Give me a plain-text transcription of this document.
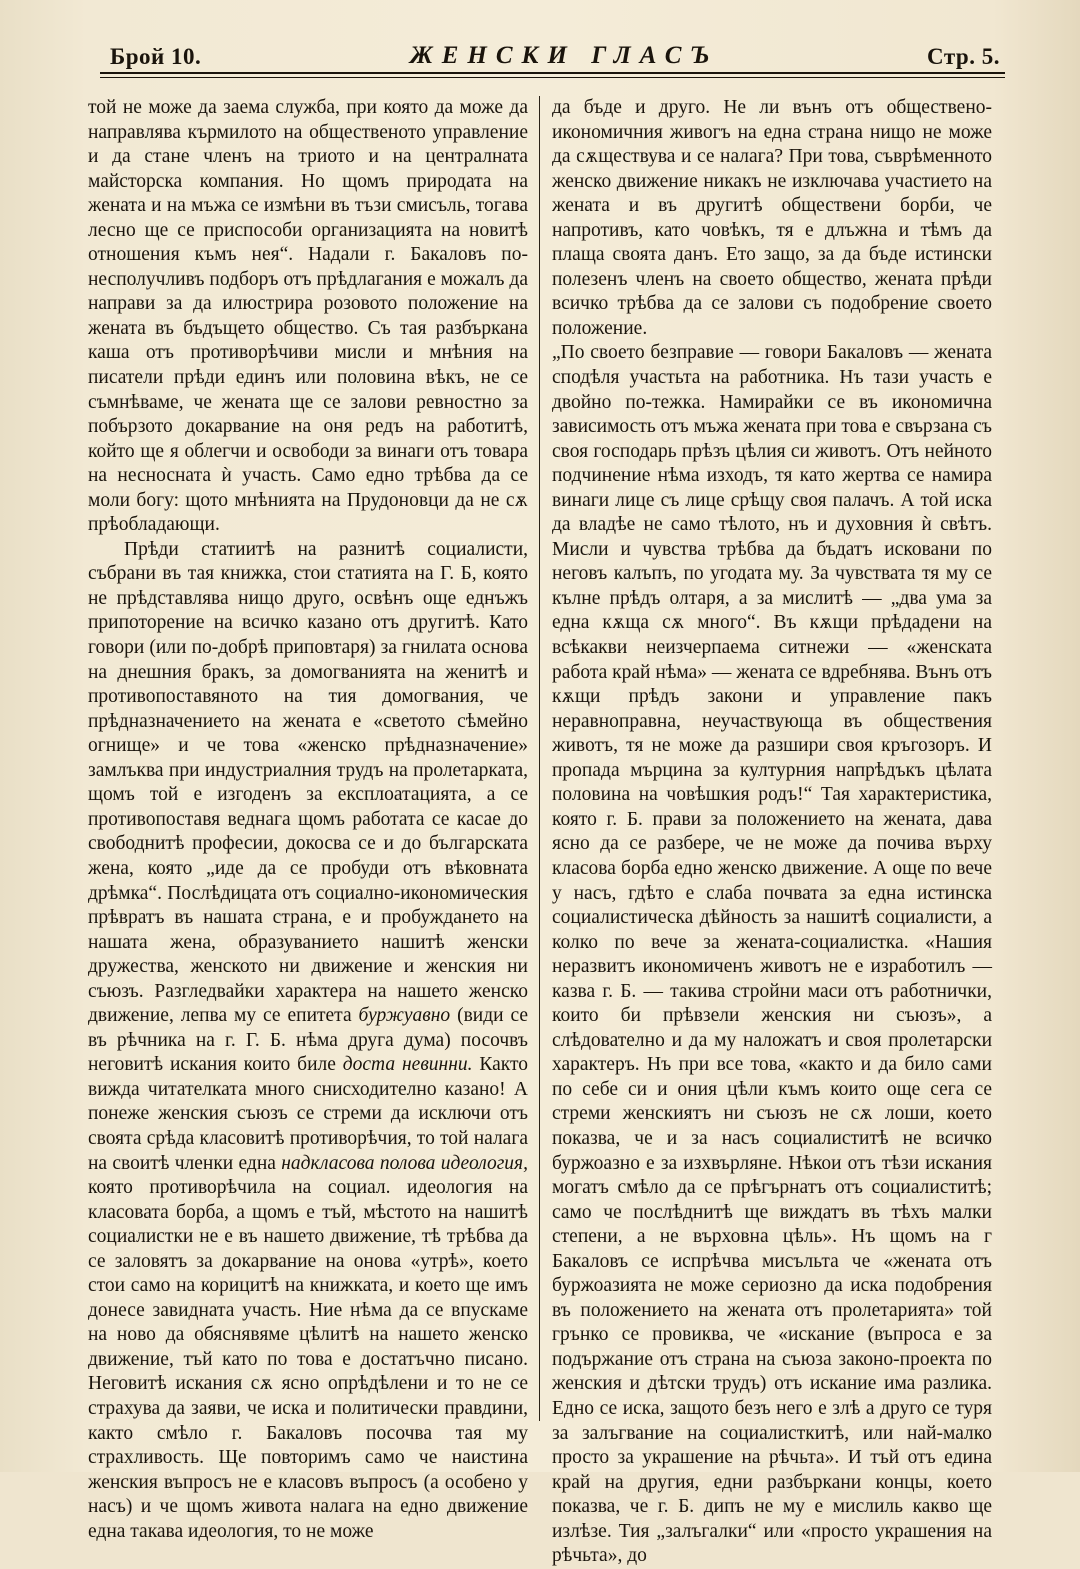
Брой 10.	ЖЕНСКИ ГЛАСЪ	Стр. 5.

той не може да заема служба, при която да може да направлява кърмилото на общественото управление и да стане членъ на триото и на централната майсторска компания. Но щомъ природата на жената и на мъжа се измѣни въ тъзи смисъль, тогава лесно ще се приспособи организацията на новитѣ отношения къмъ нея“. Надали г. Бакаловъ по-несполучливъ подборъ отъ прѣдлагания е можалъ да направи за да илюстрира розовото положение на жената въ бъдъщето общество. Съ тая разбъркана каша отъ противорѣчиви мисли и мнѣния на писатели прѣди единъ или половина вѣкъ, не се съмнѣваме, че жената ще се залови ревностно за побързото докарвание на оня редъ на работитѣ, който ще я облегчи и освободи за винаги отъ товара на несносната ѝ участь. Само едно трѣбва да се моли богу: щото мнѣнията на Прудоновци да не сѫ прѣобладающи.

Прѣди статиитѣ на разнитѣ социалисти, събрани въ тая книжка, стои статията на Г. Б, която не прѣдставлява нищо друго, освѣнъ още еднъжъ припоторение на всичко казано отъ другитѣ. Като говори (или по-добрѣ приповтаря) за гнилата основа на днешния бракъ, за домогванията на женитѣ и противопоставяното на тия домогвания, че прѣдназначението на жената е «светото сѣмейно огнище» и че това «женско прѣдназначение» замлъква при индустриалния трудъ на пролетарката, щомъ той е изгоденъ за експлоатацията, а се противопоставя веднага щомъ работата се касае до свободнитѣ професии, докосва се и до българската жена, която „иде да се пробуди отъ вѣковната дрѣмка“. Послѣдицата отъ социално-икономическия прѣвратъ въ нашата страна, е и пробуждането на нашата жена, образуванието нашитѣ женски дружества, женското ни движение и женския ни съюзъ. Разгледвайки характера на нашето женско движение, лепва му се епитета буржуавно (види се въ рѣчника на г. Г. Б. нѣма друга дума) посочвъ неговитѣ искания които биле доста невинни. Както вижда читателката много снисходително казано! А понеже женския съюзъ се стреми да исключи отъ своята срѣда класовитѣ противорѣчия, то той налага на своитѣ членки една надкласова полова идеология, която противорѣчила на социал. идеология на класовата борба, а щомъ е тъй, мѣстото на нашитѣ социалистки не е въ нашето движение, тѣ трѣбва да се заловятъ за докарвание на онова «утрѣ», което стои само на корицитѣ на книжката, и което ще имъ донесе завидната участь. Ние нѣма да се впускаме на ново да обяснявяме цѣлитѣ на нашето женско движение, тъй като по това е достатъчно писано. Неговитѣ искания сѫ ясно опрѣдѣлени и то не се страхува да заяви, че иска и политически правдини, както смѣло г. Бакаловъ посочва тая му страхливость. Ще повторимъ само че наистина женския въпросъ не е класовъ въпросъ (а особено у насъ) и че щомъ живота налага на едно движение една такава идеология, то не може

да бъде и друго. Не ли вънъ отъ обществено-икономичния живогъ на една страна нищо не може да сѫществува и се налага? При това, съврѣменното женско движение никакъ не изключава участието на жената и въ другитѣ обществени борби, че напротивъ, като човѣкъ, тя е длъжна и тѣмъ да плаща своята данъ. Ето защо, за да бъде истински полезенъ членъ на своето общество, жената прѣди всичко трѣбва да се залови съ подобрение своето положение.

„По своето безправие — говори Бакаловъ — жената сподѣля участьта на работника. Нъ тази участь е двойно по-тежка. Намирайки се въ икономична зависимость отъ мъжа жената при това е свързана съ своя господарь прѣзъ цѣлия си животъ. Отъ нейното подчинение нѣма изходъ, тя като жертва се намира винаги лице съ лице срѣщу своя палачъ. А той иска да владѣе не само тѣлото, нъ и духовния ѝ свѣтъ. Мисли и чувства трѣбва да бъдатъ исковани по неговъ калъпъ, по угодата му. За чувствата тя му се кълне прѣдъ олтаря, а за мислитѣ — „два ума за една кѫща сѫ много“. Въ кѫщи прѣдадени на всѣкакви неизчерпаема ситнежи — «женската работа край нѣма» — жената се вдребнява. Вънъ отъ кѫщи прѣдъ закони и управление пакъ неравноправна, неучаствующа въ обществения животъ, тя не може да разшири своя кръгозоръ. И пропада мърцина за културния напрѣдъкъ цѣлата половина на човѣшкия родъ!“ Тая характеристика, която г. Б. прави за положението на жената, дава ясно да се разбере, че не може да почива върху класова борба едно женско движение. А още по вече у насъ, гдѣто е слаба почвата за една истинска социалистическа дѣйность за нашитѣ социалисти, а колко по вече за жената-социалистка. «Нашия неразвитъ икономиченъ животъ не е изработилъ — казва г. Б. — такива стройни маси отъ работнички, които би прѣвзели женския ни съюзъ», а слѣдователно и да му наложатъ и своя пролетарски характеръ. Нъ при все това, «както и да било сами по себе си и ония цѣли къмъ които още сега се стреми женскиятъ ни съюзъ не сѫ лоши, което показва, че и за насъ социалиститѣ не всичко буржоазно е за изхвърляне. Нѣкои отъ тѣзи искания могатъ смѣло да се прѣгърнатъ отъ социалиститѣ; само че послѣднитѣ ще виждатъ въ тѣхъ малки степени, а не върховна цѣль». Нъ щомъ на г Бакаловъ се испрѣчва мисъльта че «жената отъ буржоазията не може сериозно да иска подобрения въ положението на жената отъ пролетарията» той грънко се провиква, че «искание (въпроса е за подържание отъ страна на съюза законо-проекта по женския и дѣтски трудъ) отъ искание има разлика. Едно се иска, защото безъ него е злѣ а друго се туря за залъгвание на социалисткитѣ, или най-малко просто за украшение на рѣчьта». И тъй отъ едина край на другия, едни разбъркани концы, което показва, че г. Б. дипъ не му е мислиль какво ще излѣзе. Тия „залъгалки“ или «просто украшения на рѣчьта», до
